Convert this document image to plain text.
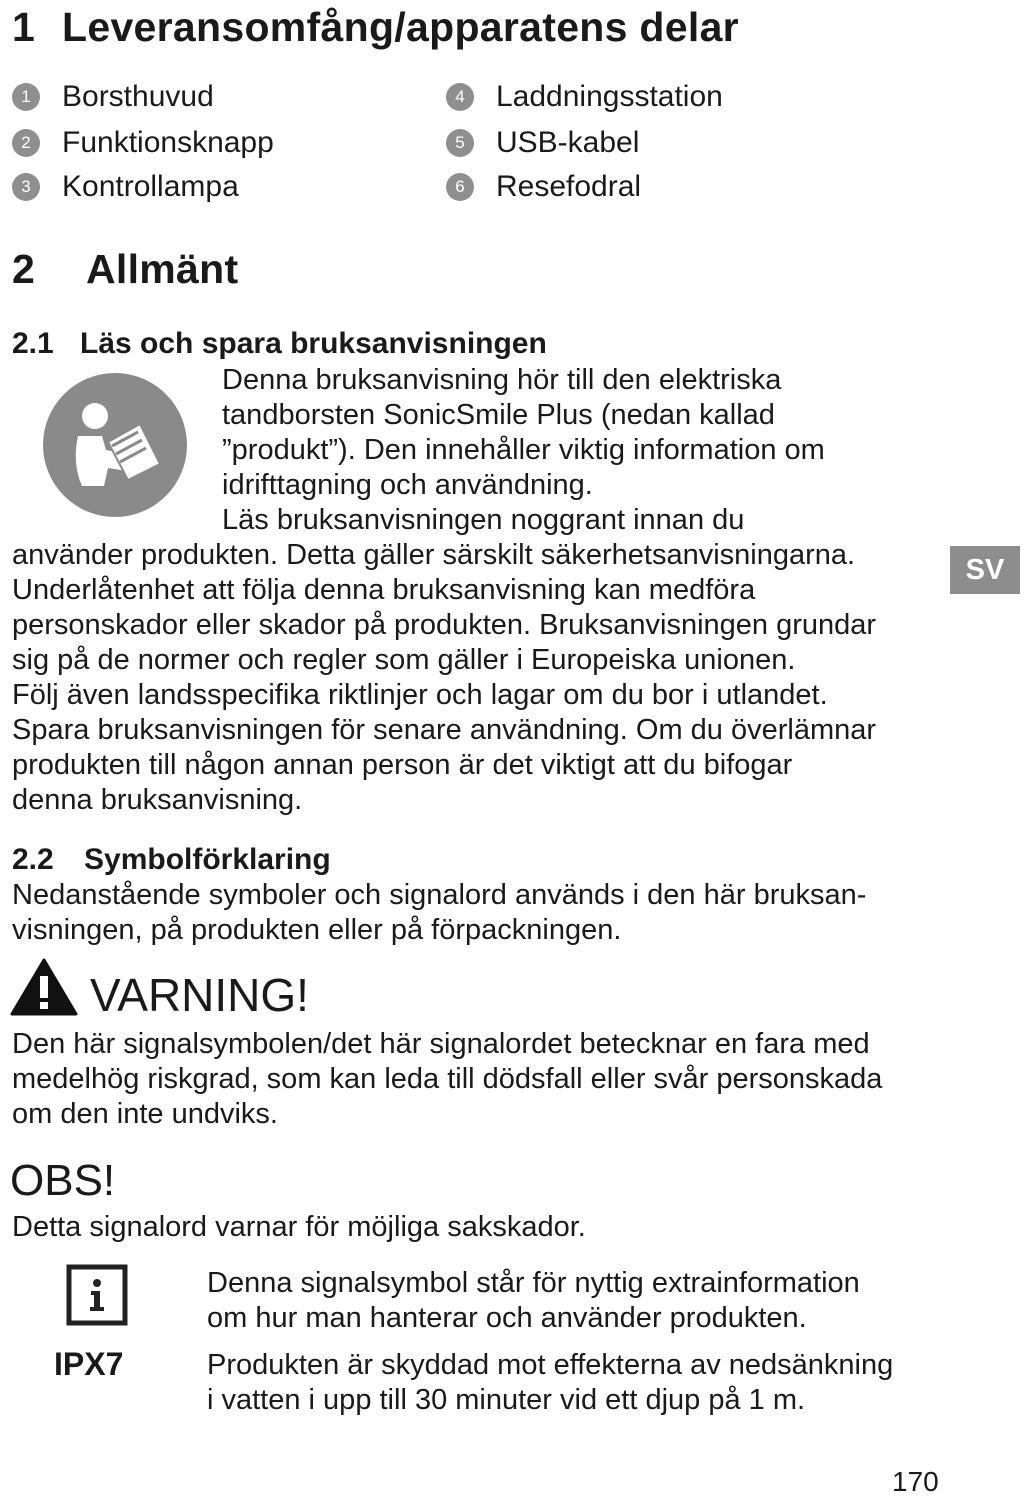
1 Leveransomfång/apparatens delar
1	Borsthuvud
2	Funktionsknapp
3	Kontrollampa
4	Laddningsstation
5	USB-kabel
6	Resefodral
2 Allmänt
2.1 Läs och spara bruksanvisningen
Denna bruksanvisning hör till den elektriska
tandborsten SonicSmile Plus (nedan kallad
”produkt”). Den innehåller viktig information om
idrifttagning och användning.
Läs bruksanvisningen noggrant innan du
använder produkten. Detta gäller särskilt säkerhetsanvisningarna.
Underlåtenhet att följa denna bruksanvisning kan medföra
personskador eller skador på produkten. Bruksanvisningen grundar
sig på de normer och regler som gäller i Europeiska unionen.
Följ även landsspecifika riktlinjer och lagar om du bor i utlandet.
Spara bruksanvisningen för senare användning. Om du överlämnar
produkten till någon annan person är det viktigt att du bifogar
denna bruksanvisning.
SV
2.2 Symbolförklaring
Nedanstående symboler och signalord används i den här bruksan-
visningen, på produkten eller på förpackningen.
VARNING!
Den här signalsymbolen/det här signalordet betecknar en fara med
medelhög riskgrad, som kan leda till dödsfall eller svår personskada
om den inte undviks.
OBS!
Detta signalord varnar för möjliga sakskador.
Denna signalsymbol står för nyttig extrainformation
om hur man hanterar och använder produkten.
IPX7	Produkten är skyddad mot effekterna av nedsänkning
i vatten i upp till 30 minuter vid ett djup på 1 m.
170
